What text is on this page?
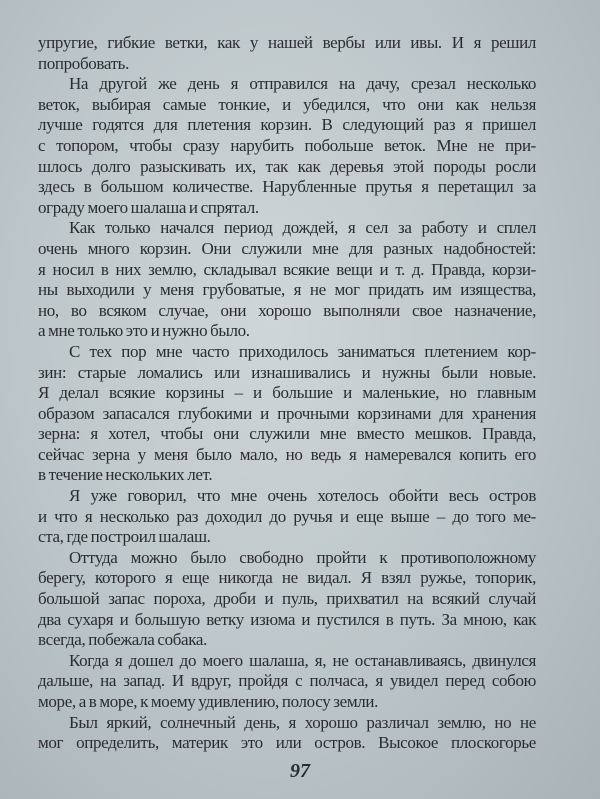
упругие, гибкие ветки, как у нашей вербы или ивы. И я решил
попробовать.
На другой же день я отправился на дачу, срезал несколько
веток, выбирая самые тонкие, и убедился, что они как нельзя
лучше годятся для плетения корзин. В следующий раз я пришел
с топором, чтобы сразу нарубить побольше веток. Мне не при-
шлось долго разыскивать их, так как деревья этой породы росли
здесь в большом количестве. Нарубленные прутья я перетащил за
ограду моего шалаша и спрятал.
Как только начался период дождей, я сел за работу и сплел
очень много корзин. Они служили мне для разных надобностей:
я носил в них землю, складывал всякие вещи и т. д. Правда, корзи-
ны выходили у меня грубоватые, я не мог придать им изящества,
но, во всяком случае, они хорошо выполняли свое назначение,
а мне только это и нужно было.
С тех пор мне часто приходилось заниматься плетением кор-
зин: старые ломались или изнашивались и нужны были новые.
Я делал всякие корзины – и большие и маленькие, но главным
образом запасался глубокими и прочными корзинами для хранения
зерна: я хотел, чтобы они служили мне вместо мешков. Правда,
сейчас зерна у меня было мало, но ведь я намеревался копить его
в течение нескольких лет.
Я уже говорил, что мне очень хотелось обойти весь остров
и что я несколько раз доходил до ручья и еще выше – до того ме-
ста, где построил шалаш.
Оттуда можно было свободно пройти к противоположному
берегу, которого я еще никогда не видал. Я взял ружье, топорик,
большой запас пороха, дроби и пуль, прихватил на всякий случай
два сухаря и большую ветку изюма и пустился в путь. За мною, как
всегда, побежала собака.
Когда я дошел до моего шалаша, я, не останавливаясь, двинулся
дальше, на запад. И вдруг, пройдя с полчаса, я увидел перед собою
море, а в море, к моему удивлению, полосу земли.
Был яркий, солнечный день, я хорошо различал землю, но не
мог определить, материк это или остров. Высокое плоскогорье
97
